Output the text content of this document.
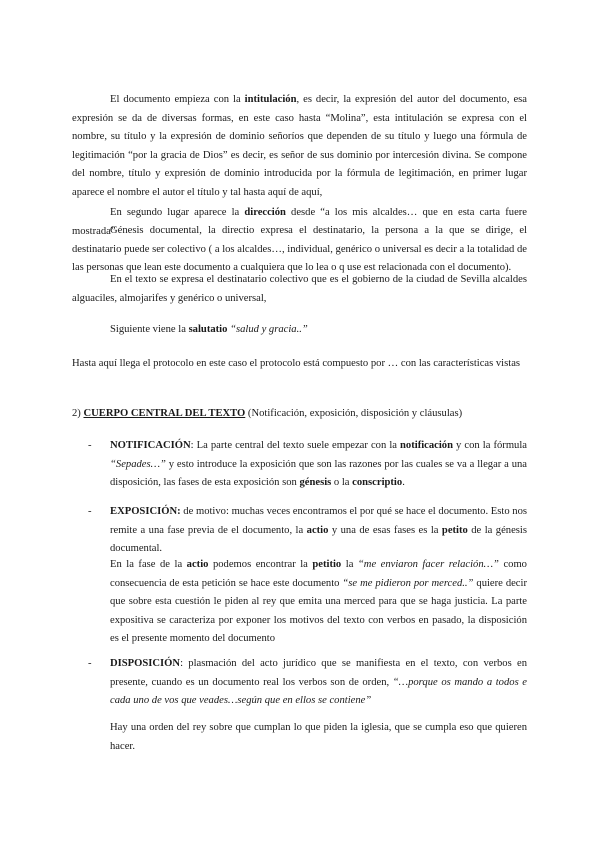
El documento empieza con la intitulación, es decir, la expresión del autor del documento, esa expresión se da de diversas formas, en este caso hasta “Molina”, esta intitulación se expresa con el nombre, su título y la expresión de dominio señoríos que dependen de su título y luego una fórmula de legitimación “por la gracia de Dios” es decir, es señor de sus dominio por intercesión divina. Se compone del nombre, título y expresión de dominio introducida por la fórmula de legitimación, en primer lugar aparece el nombre el autor el título y tal hasta aquí de aquí,

En segundo lugar aparece la dirección desde “a los mis alcaldes… que en esta carta fuere mostrada”

Génesis documental, la directio expresa el destinatario, la persona a la que se dirige, el destinatario puede ser colectivo ( a los alcaldes…, individual, genérico o universal es decir a la totalidad de las personas que lean este documento a cualquiera que lo lea o q use est relacionada con el documento).

En el texto se expresa el destinatario colectivo que es el gobierno de la ciudad de Sevilla alcaldes alguaciles, almojarifes y genérico o universal,

Siguiente viene la salutatio “salud y gracia..”

Hasta aquí llega el protocolo en este caso el protocolo está compuesto por … con las características vistas

2) CUERPO CENTRAL DEL TEXTO (Notificación, exposición, disposición y cláusulas)

- NOTIFICACIÓN: La parte central del texto suele empezar con la notificación y con la fórmula “Sepades…” y esto introduce la exposición que son las razones por las cuales se va a llegar a una disposición, las fases de esta exposición son génesis o la conscriptio.

- EXPOSICIÓN: de motivo: muchas veces encontramos el por qué se hace el documento. Esto nos remite a una fase previa de el documento, la actio y una de esas fases es la petito de la génesis documental.

En la fase de la actio podemos encontrar la petitio la “me enviaron facer relación…” como consecuencia de esta petición se hace este documento “se me pidieron por merced..” quiere decir que sobre esta cuestión le piden al rey que emita una merced para que se haga justicia. La parte expositiva se caracteriza por exponer los motivos del texto con verbos en pasado, la disposición es el presente momento del documento

- DISPOSICIÓN: plasmación del acto jurídico que se manifiesta en el texto, con verbos en presente, cuando es un documento real los verbos son de orden, “…porque os mando a todos e cada uno de vos que veades…según que en ellos se contiene”

Hay una orden del rey sobre que cumplan lo que piden la iglesia, que se cumpla eso que quieren hacer.
